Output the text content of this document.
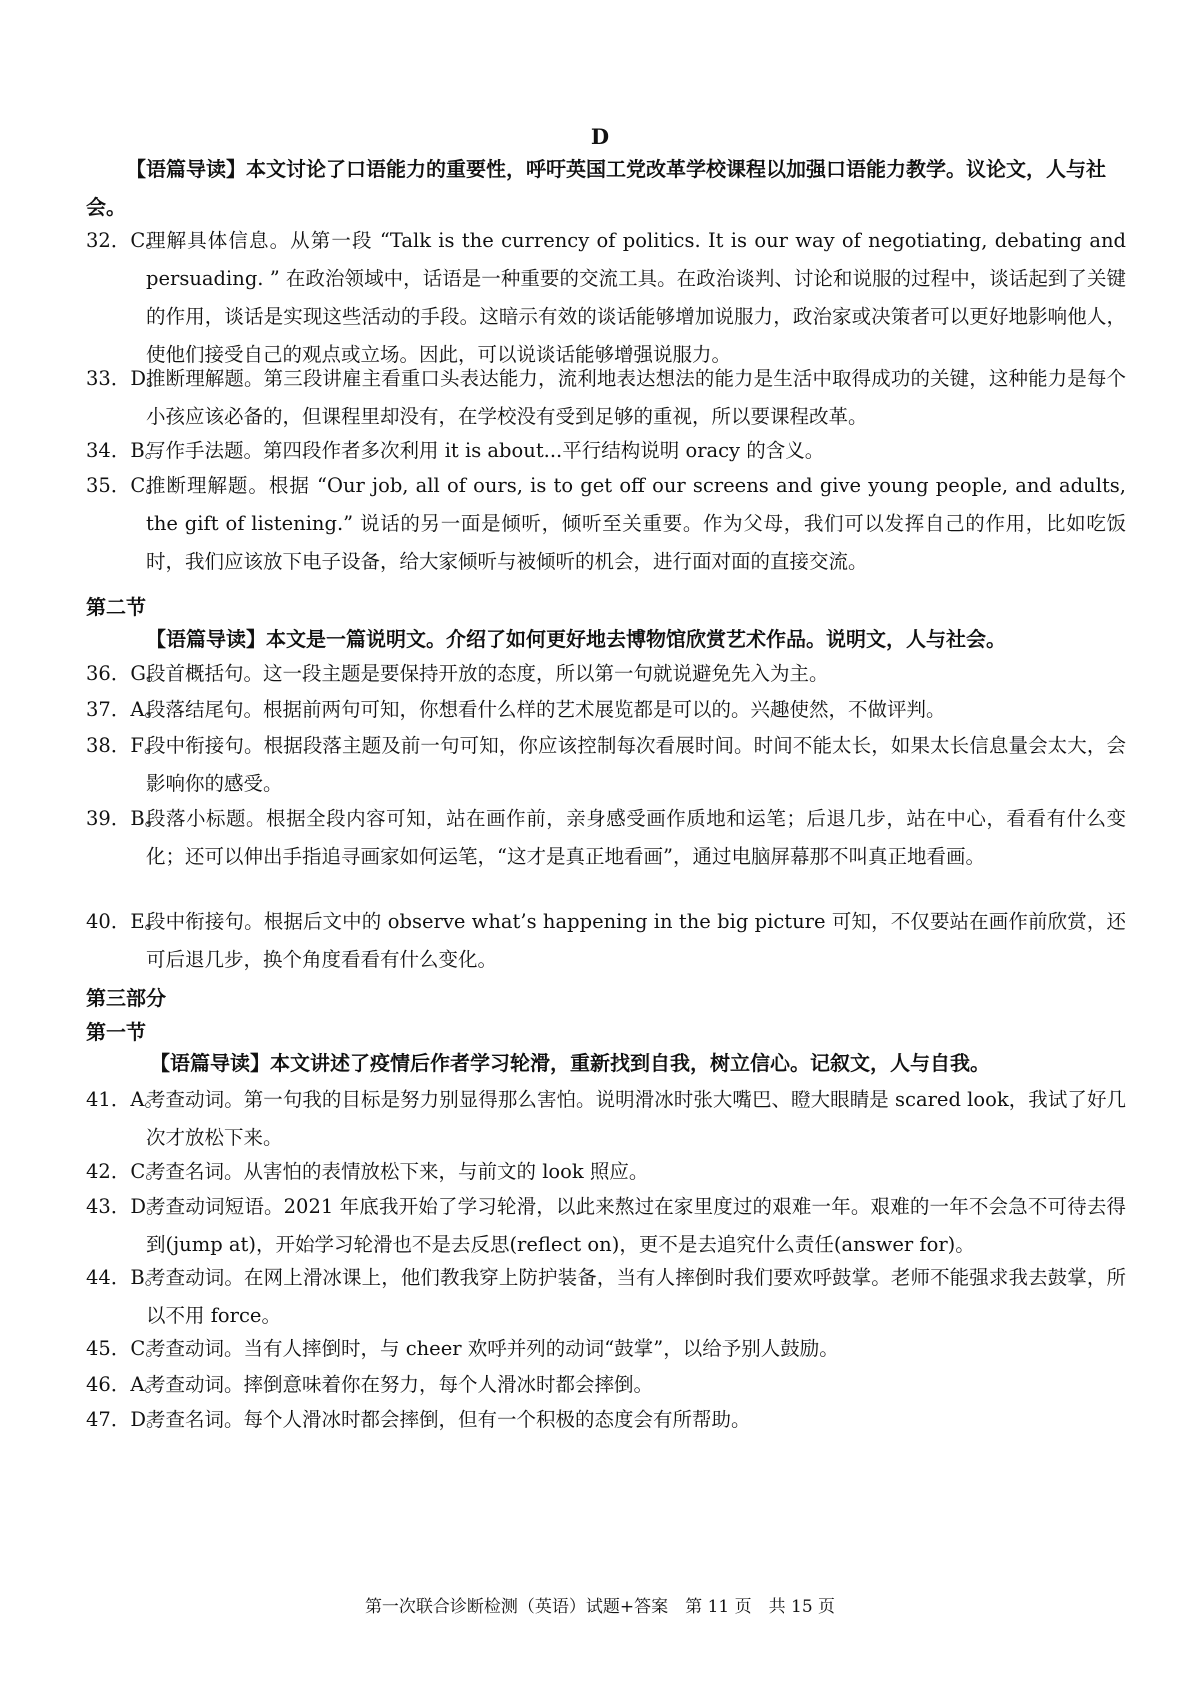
D
【语篇导读】本文讨论了口语能力的重要性，呼吁英国工党改革学校课程以加强口语能力教学。议论文，人与社会。
32．C。
理解具体信息。从第一段 “Talk is the currency of politics. It is our way of negotiating, debating and persuading. ” 在政治领域中，话语是一种重要的交流工具。在政治谈判、讨论和说服的过程中，谈话起到了关键的作用，谈话是实现这些活动的手段。这暗示有效的谈话能够增加说服力，政治家或决策者可以更好地影响他人，使他们接受自己的观点或立场。因此，可以说谈话能够增强说服力。
33．D。
推断理解题。第三段讲雇主看重口头表达能力，流利地表达想法的能力是生活中取得成功的关键，这种能力是每个小孩应该必备的，但课程里却没有，在学校没有受到足够的重视，所以要课程改革。
34．B。
写作手法题。第四段作者多次利用 it is about...平行结构说明 oracy 的含义。
35．C。
推断理解题。根据 “Our job, all of ours, is to get off our screens and give young people, and adults, the gift of listening.” 说话的另一面是倾听，倾听至关重要。作为父母，我们可以发挥自己的作用，比如吃饭时，我们应该放下电子设备，给大家倾听与被倾听的机会，进行面对面的直接交流。
第二节
【语篇导读】本文是一篇说明文。介绍了如何更好地去博物馆欣赏艺术作品。说明文，人与社会。
36．G。
段首概括句。这一段主题是要保持开放的态度，所以第一句就说避免先入为主。
37．A。
段落结尾句。根据前两句可知，你想看什么样的艺术展览都是可以的。兴趣使然，不做评判。
38．F。
段中衔接句。根据段落主题及前一句可知，你应该控制每次看展时间。时间不能太长，如果太长信息量会太大，会影响你的感受。
39．B。
段落小标题。根据全段内容可知，站在画作前，亲身感受画作质地和运笔；后退几步，站在中心，看看有什么变化；还可以伸出手指追寻画家如何运笔，“这才是真正地看画”，通过电脑屏幕那不叫真正地看画。
40．E。
段中衔接句。根据后文中的 observe what’s happening in the big picture 可知，不仅要站在画作前欣赏，还可后退几步，换个角度看看有什么变化。
第三部分
第一节
【语篇导读】本文讲述了疫情后作者学习轮滑，重新找到自我，树立信心。记叙文，人与自我。
41．A。
考查动词。第一句我的目标是努力别显得那么害怕。说明滑冰时张大嘴巴、瞪大眼睛是 scared look，我试了好几次才放松下来。
42．C。
考查名词。从害怕的表情放松下来，与前文的 look 照应。
43．D。
考查动词短语。2021 年底我开始了学习轮滑，以此来熬过在家里度过的艰难一年。艰难的一年不会急不可待去得到(jump at)，开始学习轮滑也不是去反思(reflect on)，更不是去追究什么责任(answer for)。
44．B。
考查动词。在网上滑冰课上，他们教我穿上防护装备，当有人摔倒时我们要欢呼鼓掌。老师不能强求我去鼓掌，所以不用 force。
45．C。
考查动词。当有人摔倒时，与 cheer 欢呼并列的动词“鼓掌”，以给予别人鼓励。
46．A。
考查动词。摔倒意味着你在努力，每个人滑冰时都会摔倒。
47．D。
考查名词。每个人滑冰时都会摔倒，但有一个积极的态度会有所帮助。
第一次联合诊断检测（英语）试题+答案　第 11 页　共 15 页
